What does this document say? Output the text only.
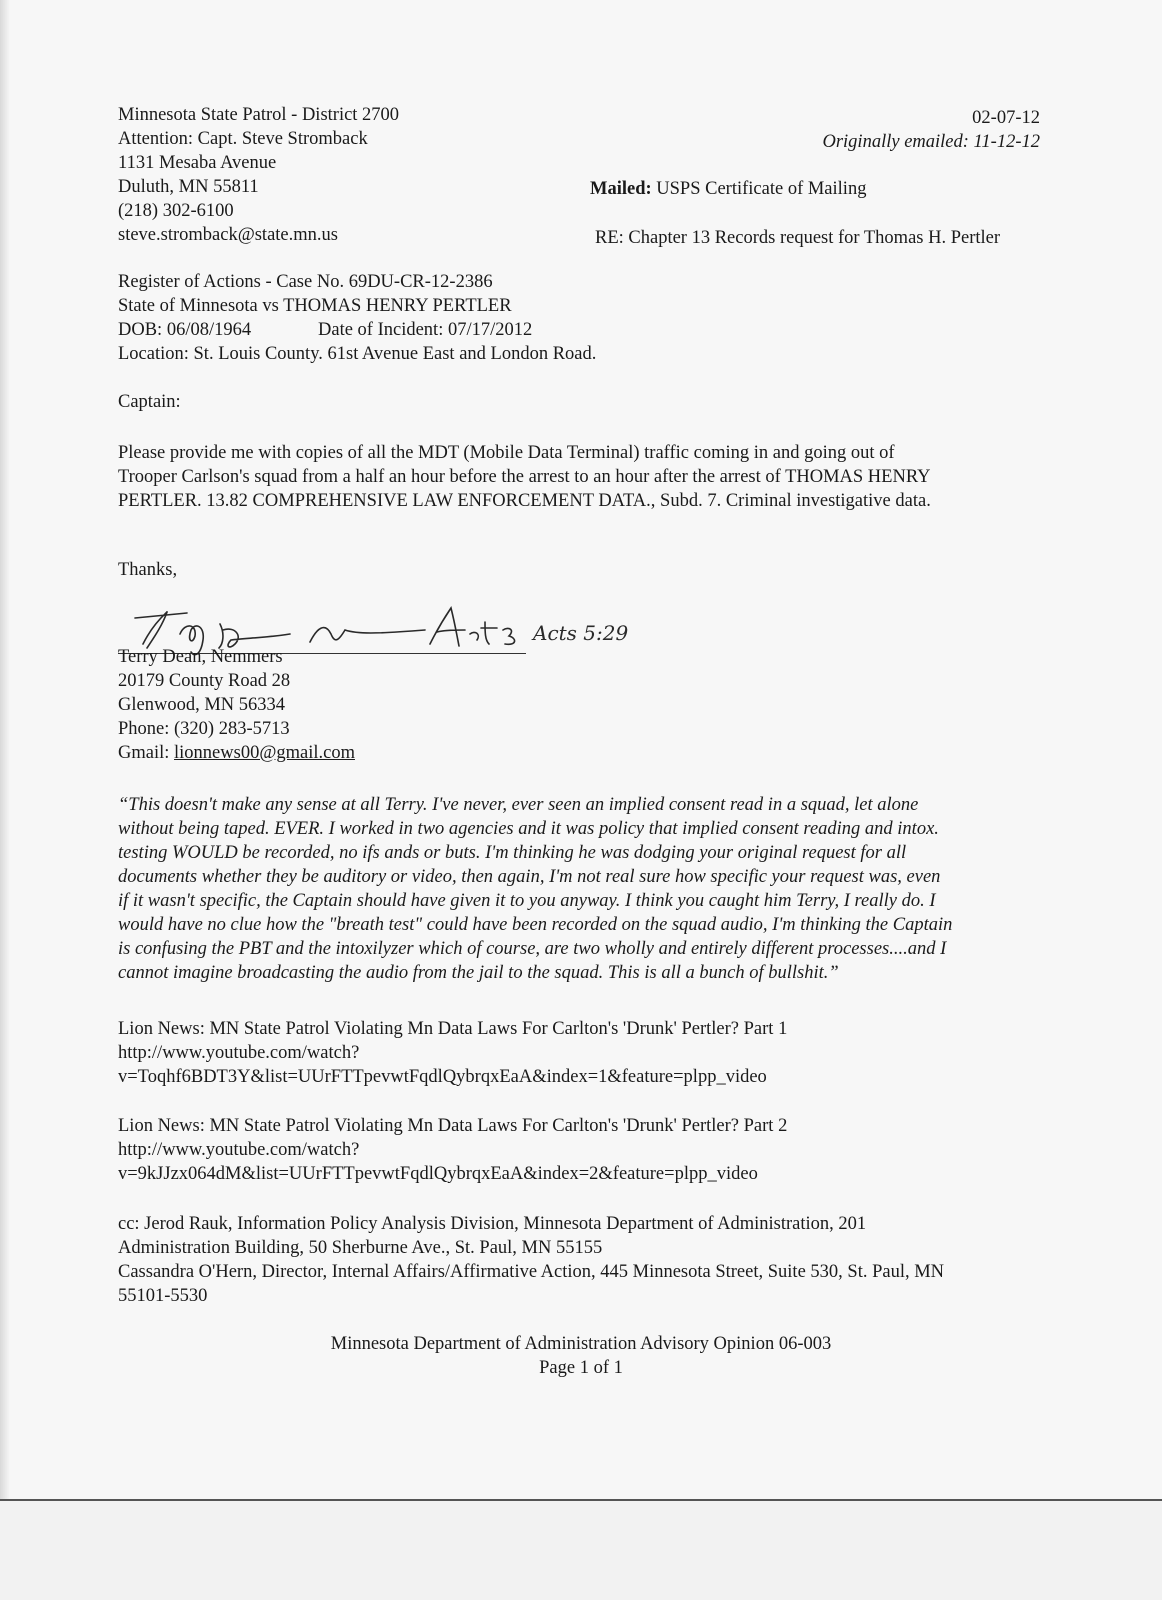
Minnesota State Patrol - District 2700
Attention: Capt. Steve Stromback
1131 Mesaba Avenue
Duluth, MN 55811
(218) 302-6100
steve.stromback@state.mn.us
02-07-12
Originally emailed: 11-12-12
Mailed: USPS Certificate of Mailing
RE: Chapter 13 Records request for Thomas H. Pertler
Register of Actions - Case No. 69DU-CR-12-2386
State of Minnesota vs THOMAS HENRY PERTLER
DOB: 06/08/1964	Date of Incident: 07/17/2012
Location: St. Louis County. 61st Avenue East and London Road.
Captain:
Please provide me with copies of all the MDT (Mobile Data Terminal) traffic coming in and going out of
Trooper Carlson's squad from a half an hour before the arrest to an hour after the arrest of THOMAS HENRY
PERTLER. 13.82 COMPREHENSIVE LAW ENFORCEMENT DATA., Subd. 7. Criminal investigative data.
Thanks,
Acts 5:29
Terry Dean, Nemmers
20179 County Road 28
Glenwood, MN 56334
Phone: (320) 283-5713
Gmail: lionnews00@gmail.com
“This doesn't make any sense at all Terry. I've never, ever seen an implied consent read in a squad, let alone
without being taped. EVER. I worked in two agencies and it was policy that implied consent reading and intox.
testing WOULD be recorded, no ifs ands or buts. I'm thinking he was dodging your original request for all
documents whether they be auditory or video, then again, I'm not real sure how specific your request was, even
if it wasn't specific, the Captain should have given it to you anyway. I think you caught him Terry, I really do. I
would have no clue how the "breath test" could have been recorded on the squad audio, I'm thinking the Captain
is confusing the PBT and the intoxilyzer which of course, are two wholly and entirely different processes....and I
cannot imagine broadcasting the audio from the jail to the squad. This is all a bunch of bullshit.”
Lion News: MN State Patrol Violating Mn Data Laws For Carlton's 'Drunk' Pertler? Part 1
http://www.youtube.com/watch?
v=Toqhf6BDT3Y&list=UUrFTTpevwtFqdlQybrqxEaA&index=1&feature=plpp_video
Lion News: MN State Patrol Violating Mn Data Laws For Carlton's 'Drunk' Pertler? Part 2
http://www.youtube.com/watch?
v=9kJJzx064dM&list=UUrFTTpevwtFqdlQybrqxEaA&index=2&feature=plpp_video
cc: Jerod Rauk, Information Policy Analysis Division, Minnesota Department of Administration, 201
Administration Building, 50 Sherburne Ave., St. Paul, MN 55155
Cassandra O'Hern, Director, Internal Affairs/Affirmative Action, 445 Minnesota Street, Suite 530, St. Paul, MN
55101-5530
Minnesota Department of Administration Advisory Opinion 06-003
Page 1 of 1
